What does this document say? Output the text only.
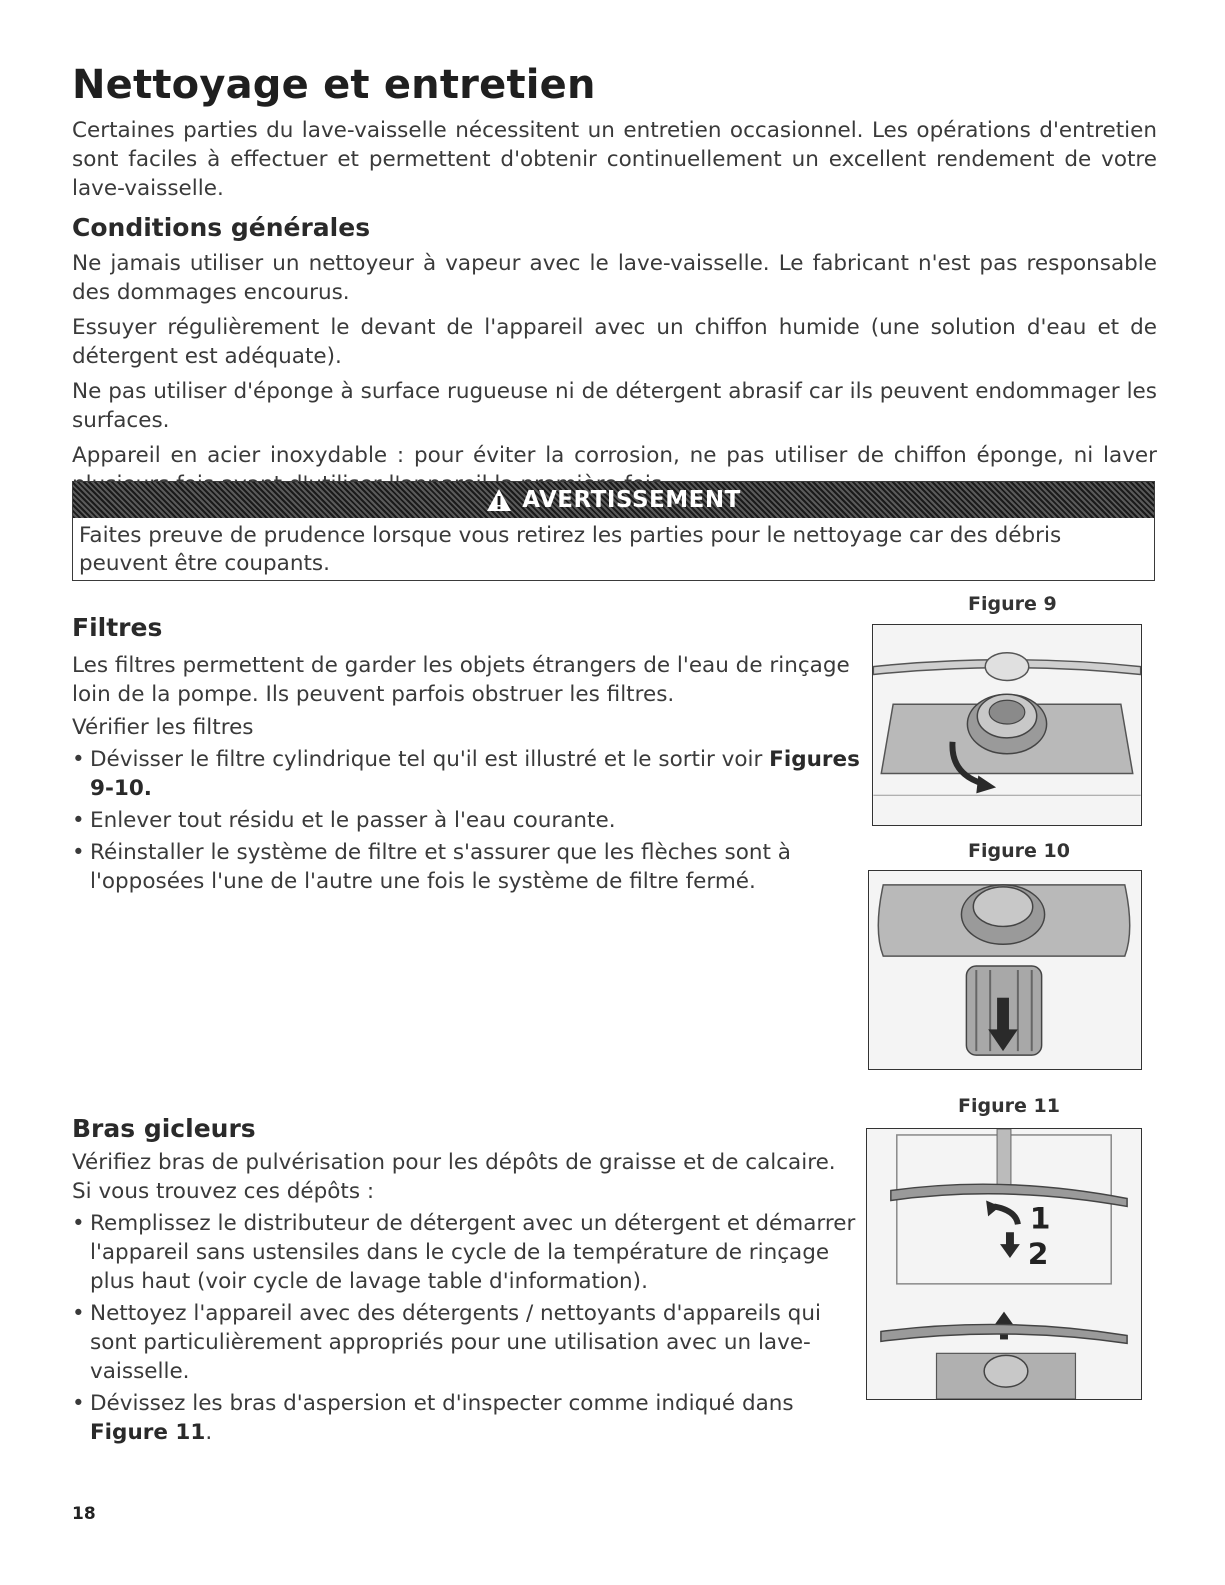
Nettoyage et entretien

Certaines parties du lave-vaisselle nécessitent un entretien occasionnel. Les opérations d'entretien sont faciles à effectuer et permettent d'obtenir continuellement un excellent rendement de votre lave-vaisselle.

Conditions générales

Ne jamais utiliser un nettoyeur à vapeur avec le lave-vaisselle. Le fabricant n'est pas responsable des dommages encourus.

Essuyer régulièrement le devant de l'appareil avec un chiffon humide (une solution d'eau et de détergent est adéquate).

Ne pas utiliser d'éponge à surface rugueuse ni de détergent abrasif car ils peuvent endommager les surfaces.

Appareil en acier inoxydable : pour éviter la corrosion, ne pas utiliser de chiffon éponge, ni laver

AVERTISSEMENT
Faites preuve de prudence lorsque vous retirez les parties pour le nettoyage car des débris peuvent être coupants.
Filtres

Les filtres permettent de garder les objets étrangers de l'eau de rinçage loin de la pompe. Ils peuvent parfois obstruer les filtres.

Vérifier les filtres

• Dévisser le filtre cylindrique tel qu'il est illustré et le sortir voir Figures 9-10.
• Enlever tout résidu et le passer à l'eau courante.
• Réinstaller le système de filtre et s'assurer que les flèches sont à l'opposées l'une de l'autre une fois le système de filtre fermé.
Bras gicleurs

Vérifiez bras de pulvérisation pour les dépôts de graisse et de calcaire.

Si vous trouvez ces dépôts :

• Remplissez le distributeur de détergent avec un détergent et démarrer l'appareil sans ustensiles dans le cycle de la température de rinçage plus haut (voir cycle de lavage table d'information).
• Nettoyez l'appareil avec des détergents / nettoyants d'appareils qui sont particulièrement appropriés pour une utilisation avec un lave-vaisselle.
• Dévissez les bras d'aspersion et d'inspecter comme indiqué dans Figure 11.
Figure 9
Figure 10
Figure 11
1
2
18
